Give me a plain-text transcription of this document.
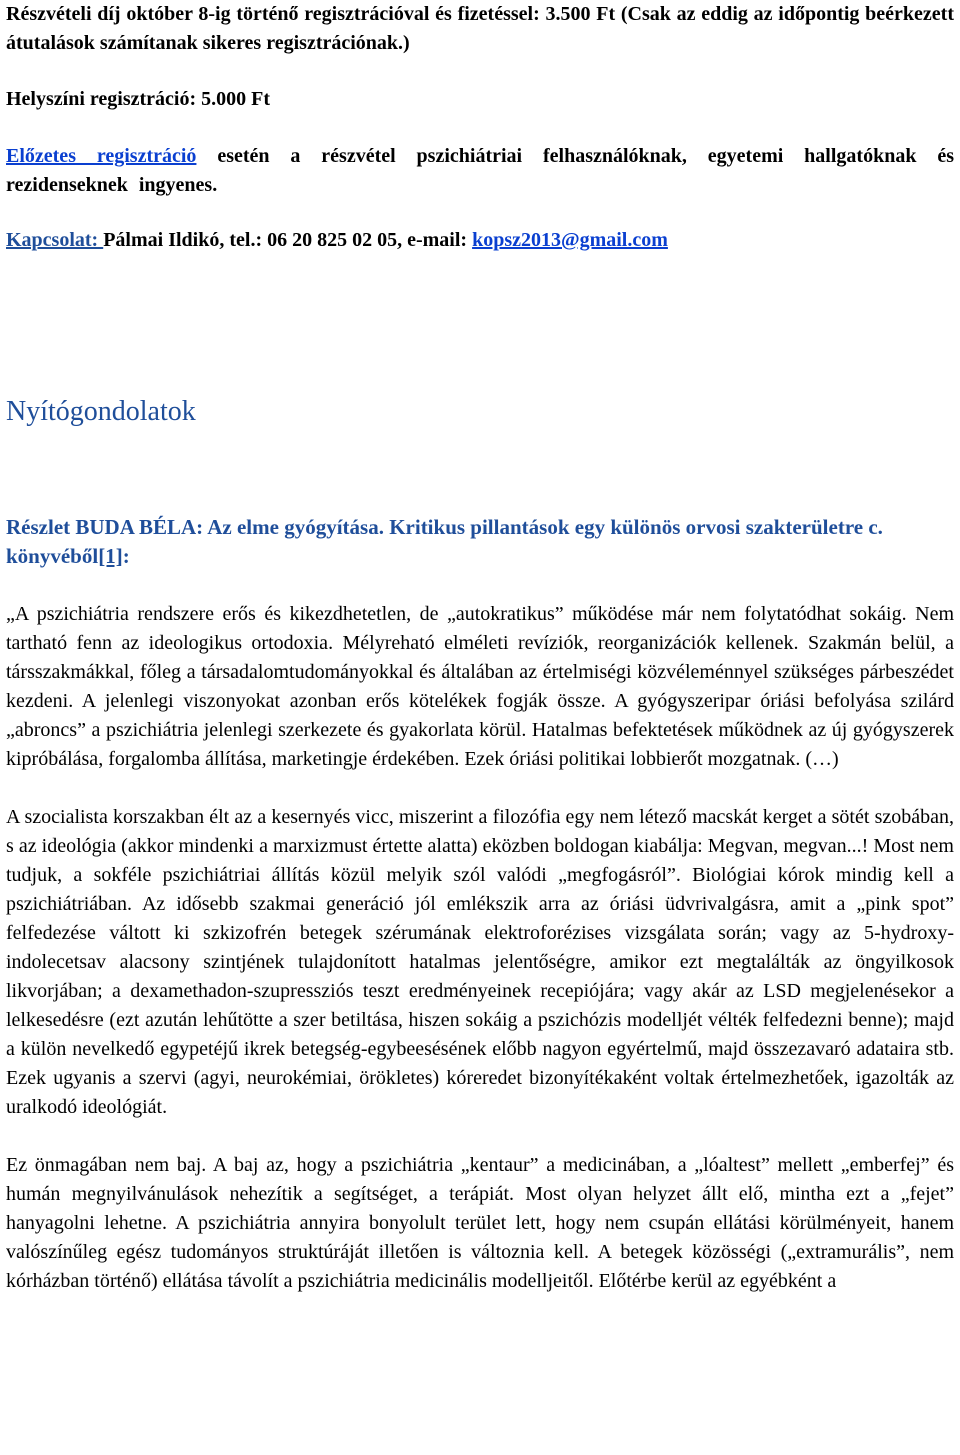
Részvételi díj október 8-ig történő regisztrációval és fizetéssel: 3.500 Ft (Csak az eddig az időpontig beérkezett átutalások számítanak sikeres regisztrációnak.)

Helyszíni regisztráció: 5.000 Ft

Előzetes regisztráció esetén a részvétel pszichiátriai felhasználóknak, egyetemi hallgatóknak és rezidenseknek ingyenes.

Kapcsolat: Pálmai Ildikó, tel.: 06 20 825 02 05, e-mail: kopsz2013@gmail.com

Nyítógondolatok

Részlet BUDA BÉLA: Az elme gyógyítása. Kritikus pillantások egy különös orvosi szakterületre c. könyvéből[1]:

„A pszichiátria rendszere erős és kikezdhetetlen, de „autokratikus” működése már nem folytatódhat sokáig. Nem tartható fenn az ideologikus ortodoxia. Mélyreható elméleti revíziók, reorganizációk kellenek. Szakmán belül, a társszakmákkal, főleg a társadalomtudományokkal és általában az értelmiségi közvéleménnyel szükséges párbeszédet kezdeni. A jelenlegi viszonyokat azonban erős kötelékek fogják össze. A gyógyszeripar óriási befolyása szilárd „abroncs” a pszichiátria jelenlegi szerkezete és gyakorlata körül. Hatalmas befektetések működnek az új gyógyszerek kipróbálása, forgalomba állítása, marketingje érdekében. Ezek óriási politikai lobbierőt mozgatnak. (…)

A szocialista korszakban élt az a kesernyés vicc, miszerint a filozófia egy nem létező macskát kerget a sötét szobában, s az ideológia (akkor mindenki a marxizmust értette alatta) eközben boldogan kiabálja: Megvan, megvan...! Most nem tudjuk, a sokféle pszichiátriai állítás közül melyik szól valódi „megfogásról”. Biológiai kórok mindig kell a pszichiátriában. Az idősebb szakmai generáció jól emlékszik arra az óriási üdvrivalgásra, amit a „pink spot” felfedezése váltott ki szkizofrén betegek szérumának elektroforézises vizsgálata során; vagy az 5-hydroxy-indolecetsav alacsony szintjének tulajdonított hatalmas jelentőségre, amikor ezt megtalálták az öngyilkosok likvorjában; a dexamethadon-szupressziós teszt eredményeinek recepiójára; vagy akár az LSD megjelenésekor a lelkesedésre (ezt azután lehűtötte a szer betiltása, hiszen sokáig a pszichózis modelljét vélték felfedezni benne); majd a külön nevelkedő egypetéjű ikrek betegség-egybeesésének előbb nagyon egyértelmű, majd összezavaró adataira stb. Ezek ugyanis a szervi (agyi, neurokémiai, örökletes) kóreredet bizonyítékaként voltak értelmezhetőek, igazolták az uralkodó ideológiát.

Ez önmagában nem baj. A baj az, hogy a pszichiátria „kentaur” a medicinában, a „lóaltest” mellett „emberfej” és humán megnyilvánulások nehezítik a segítséget, a terápiát. Most olyan helyzet állt elő, mintha ezt a „fejet” hanyagolni lehetne. A pszichiátria annyira bonyolult terület lett, hogy nem csupán ellátási körülményeit, hanem valószínűleg egész tudományos struktúráját illetően is változnia kell. A betegek közösségi („extramurális”, nem kórházban történő) ellátása távolít a pszichiátria medicinális modelljeitől. Előtérbe kerül az egyébként a
